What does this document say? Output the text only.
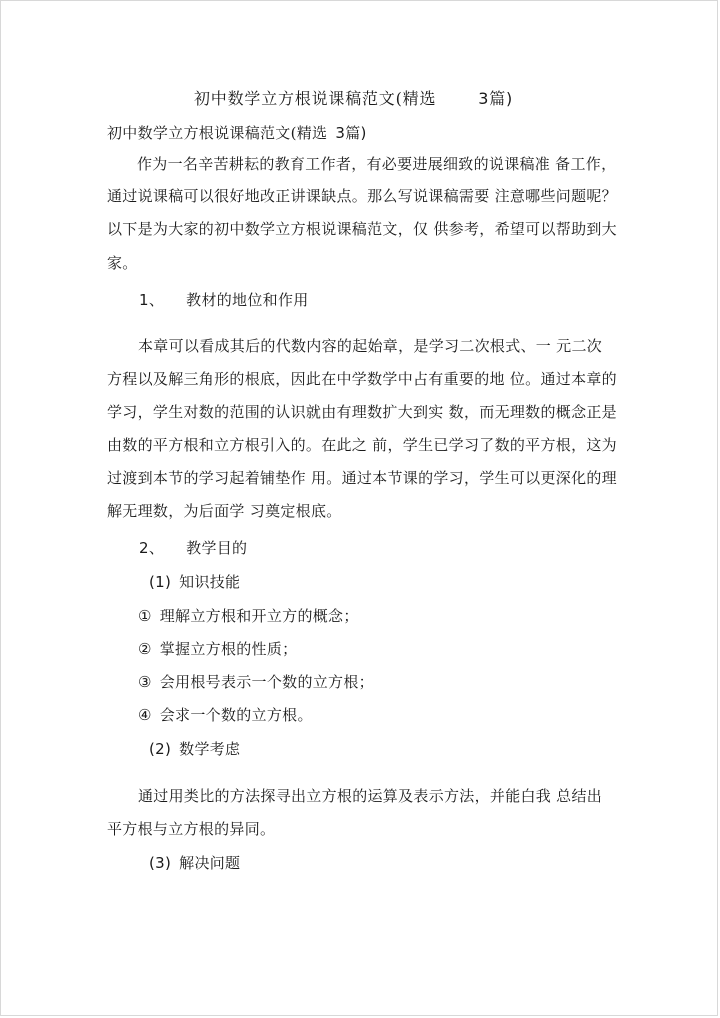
初中数学立方根说课稿范文(精选	3篇)
初中数学立方根说课稿范文(精选 3篇)
作为一名辛苦耕耘的教育工作者，有必要进展细致的说课稿准 备工作，
通过说课稿可以很好地改正讲课缺点。那么写说课稿需要 注意哪些问题呢？
以下是为大家的初中数学立方根说课稿范文，仅 供参考，希望可以帮助到大
家。
1、 教材的地位和作用
本章可以看成其后的代数内容的起始章，是学习二次根式、一 元二次
方程以及解三角形的根底，因此在中学数学中占有重要的地 位。通过本章的
学习，学生对数的范围的认识就由有理数扩大到实 数，而无理数的概念正是
由数的平方根和立方根引入的。在此之 前，学生已学习了数的平方根，这为
过渡到本节的学习起着铺垫作 用。通过本节课的学习，学生可以更深化的理
解无理数，为后面学 习奠定根底。
2、 教学目的
(1) 知识技能
① 理解立方根和开立方的概念；
② 掌握立方根的性质；
③ 会用根号表示一个数的立方根；
④ 会求一个数的立方根。
(2) 数学考虑
通过用类比的方法探寻出立方根的运算及表示方法，并能白我 总结出
平方根与立方根的异同。
(3) 解决问题
